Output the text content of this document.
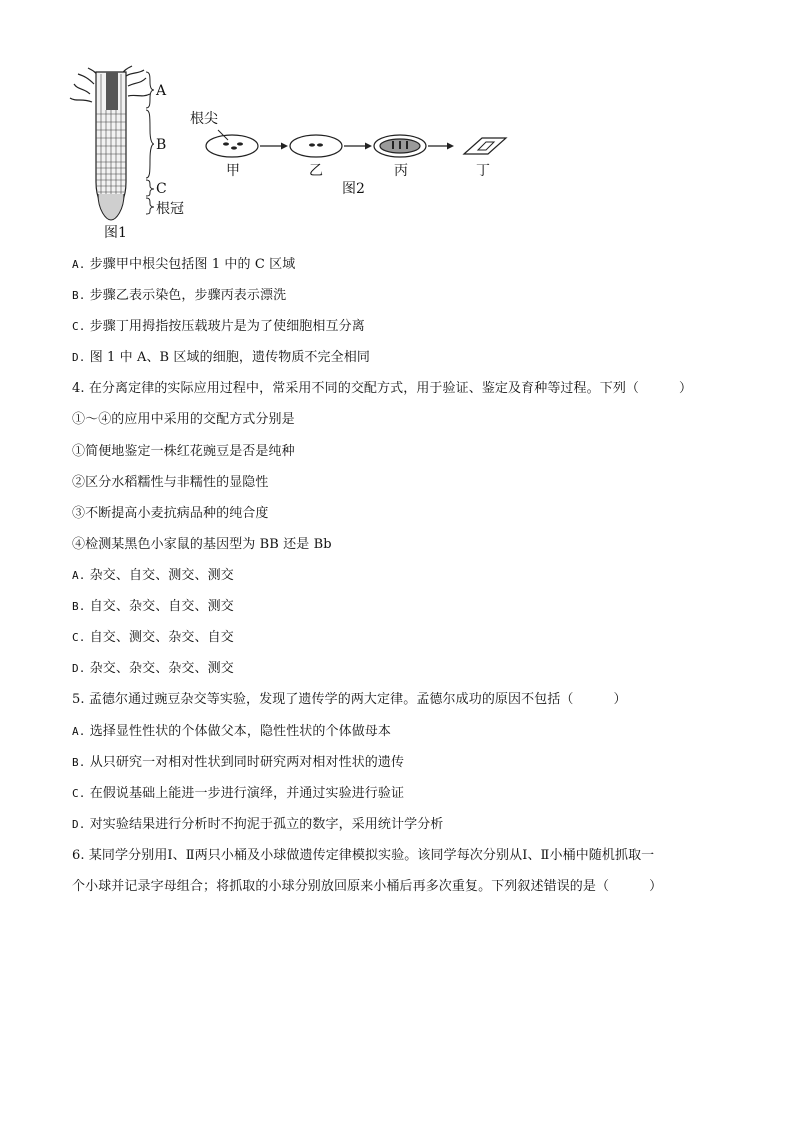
A
B
C
根冠
图1
根尖
甲	乙	丙	丁
图2
A. 步骤甲中根尖包括图 1 中的 C 区域
B. 步骤乙表示染色，步骤丙表示漂洗
C. 步骤丁用拇指按压载玻片是为了使细胞相互分离
D. 图 1 中 A、B 区域的细胞，遗传物质不完全相同
4. 在分离定律的实际应用过程中，常采用不同的交配方式，用于验证、鉴定及育种等过程。下列（	）
①～④的应用中采用的交配方式分别是
①简便地鉴定一株红花豌豆是否是纯种
②区分水稻糯性与非糯性的显隐性
③不断提高小麦抗病品种的纯合度
④检测某黑色小家鼠的基因型为 BB 还是 Bb
A. 杂交、自交、测交、测交
B. 自交、杂交、自交、测交
C. 自交、测交、杂交、自交
D. 杂交、杂交、杂交、测交
5. 孟德尔通过豌豆杂交等实验，发现了遗传学的两大定律。孟德尔成功的原因不包括（	）
A. 选择显性性状的个体做父本，隐性性状的个体做母本
B. 从只研究一对相对性状到同时研究两对相对性状的遗传
C. 在假说基础上能进一步进行演绎，并通过实验进行验证
D. 对实验结果进行分析时不拘泥于孤立的数字，采用统计学分析
6. 某同学分别用Ⅰ、Ⅱ两只小桶及小球做遗传定律模拟实验。该同学每次分别从Ⅰ、Ⅱ小桶中随机抓取一
个小球并记录字母组合；将抓取的小球分别放回原来小桶后再多次重复。下列叙述错误的是（	）
